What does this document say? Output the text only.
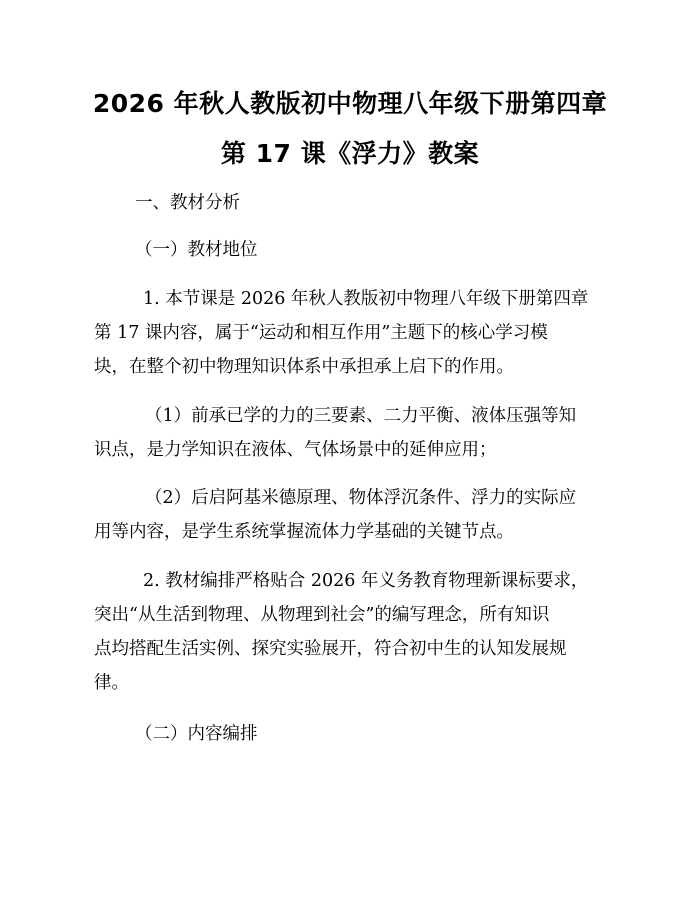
2026 年秋人教版初中物理八年级下册第四章
第 17 课《浮力》教案
一、教材分析
（一）教材地位
1. 本节课是 2026 年秋人教版初中物理八年级下册第四章
第 17 课内容，属于“运动和相互作用”主题下的核心学习模
块，在整个初中物理知识体系中承担承上启下的作用。
（1）前承已学的力的三要素、二力平衡、液体压强等知
识点，是力学知识在液体、气体场景中的延伸应用；
（2）后启阿基米德原理、物体浮沉条件、浮力的实际应
用等内容，是学生系统掌握流体力学基础的关键节点。
2. 教材编排严格贴合 2026 年义务教育物理新课标要求，
突出“从生活到物理、从物理到社会”的编写理念，所有知识
点均搭配生活实例、探究实验展开，符合初中生的认知发展规
律。
（二）内容编排
